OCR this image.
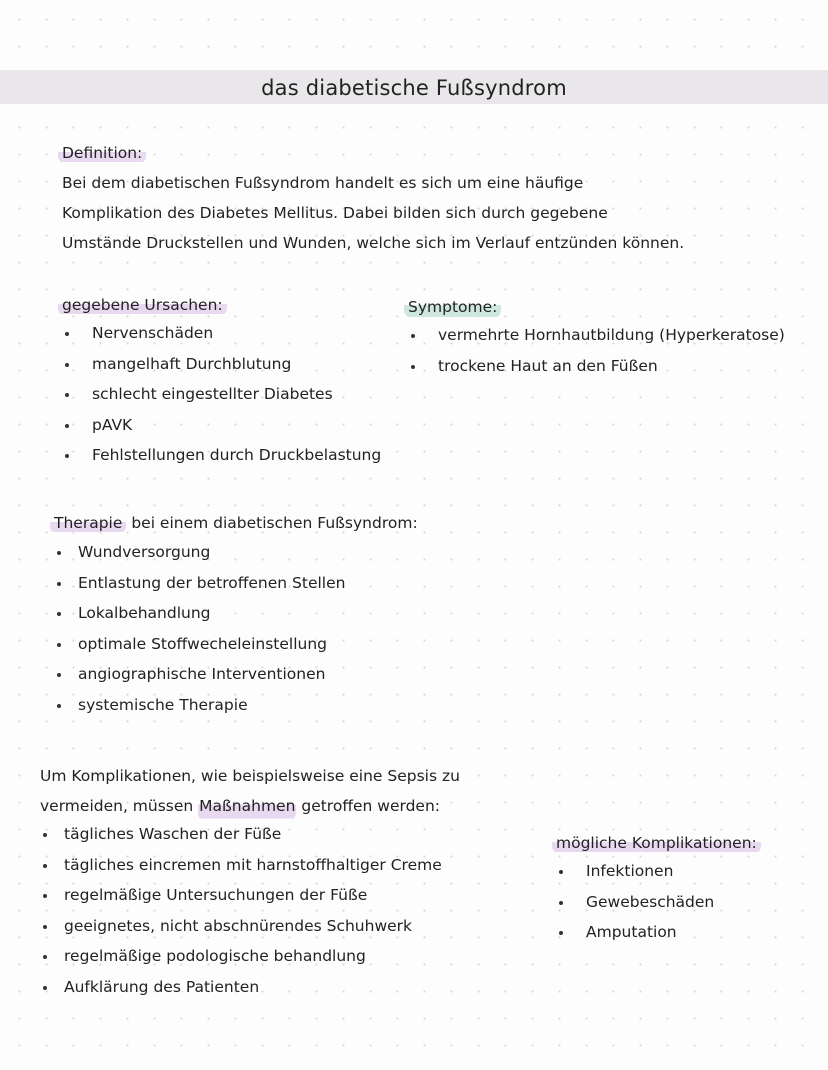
das diabetische Fußsyndrom
Definition:

Bei dem diabetischen Fußsyndrom handelt es sich um eine häufige

Komplikation des Diabetes Mellitus. Dabei bilden sich durch gegebene

Umstände Druckstellen und Wunden, welche sich im Verlauf entzünden können.

gegebene Ursachen:
Nervenschäden
mangelhaft Durchblutung
schlecht eingestellter Diabetes
pAVK
Fehlstellungen durch Druckbelastung
Symptome:
vermehrte Hornhautbildung (Hyperkeratose)
trockene Haut an den Füßen
Therapie bei einem diabetischen Fußsyndrom:
Wundversorgung
Entlastung der betroffenen Stellen
Lokalbehandlung
optimale Stoffwecheleinstellung
angiographische Interventionen
systemische Therapie

Um Komplikationen, wie beispielsweise eine Sepsis zu

vermeiden, müssen Maßnahmen getroffen werden:

tägliches Waschen der Füße
tägliches eincremen mit harnstoffhaltiger Creme
regelmäßige Untersuchungen der Füße
geeignetes, nicht abschnürendes Schuhwerk
regelmäßige podologische behandlung
Aufklärung des Patienten
mögliche Komplikationen:
Infektionen
Gewebeschäden
Amputation
